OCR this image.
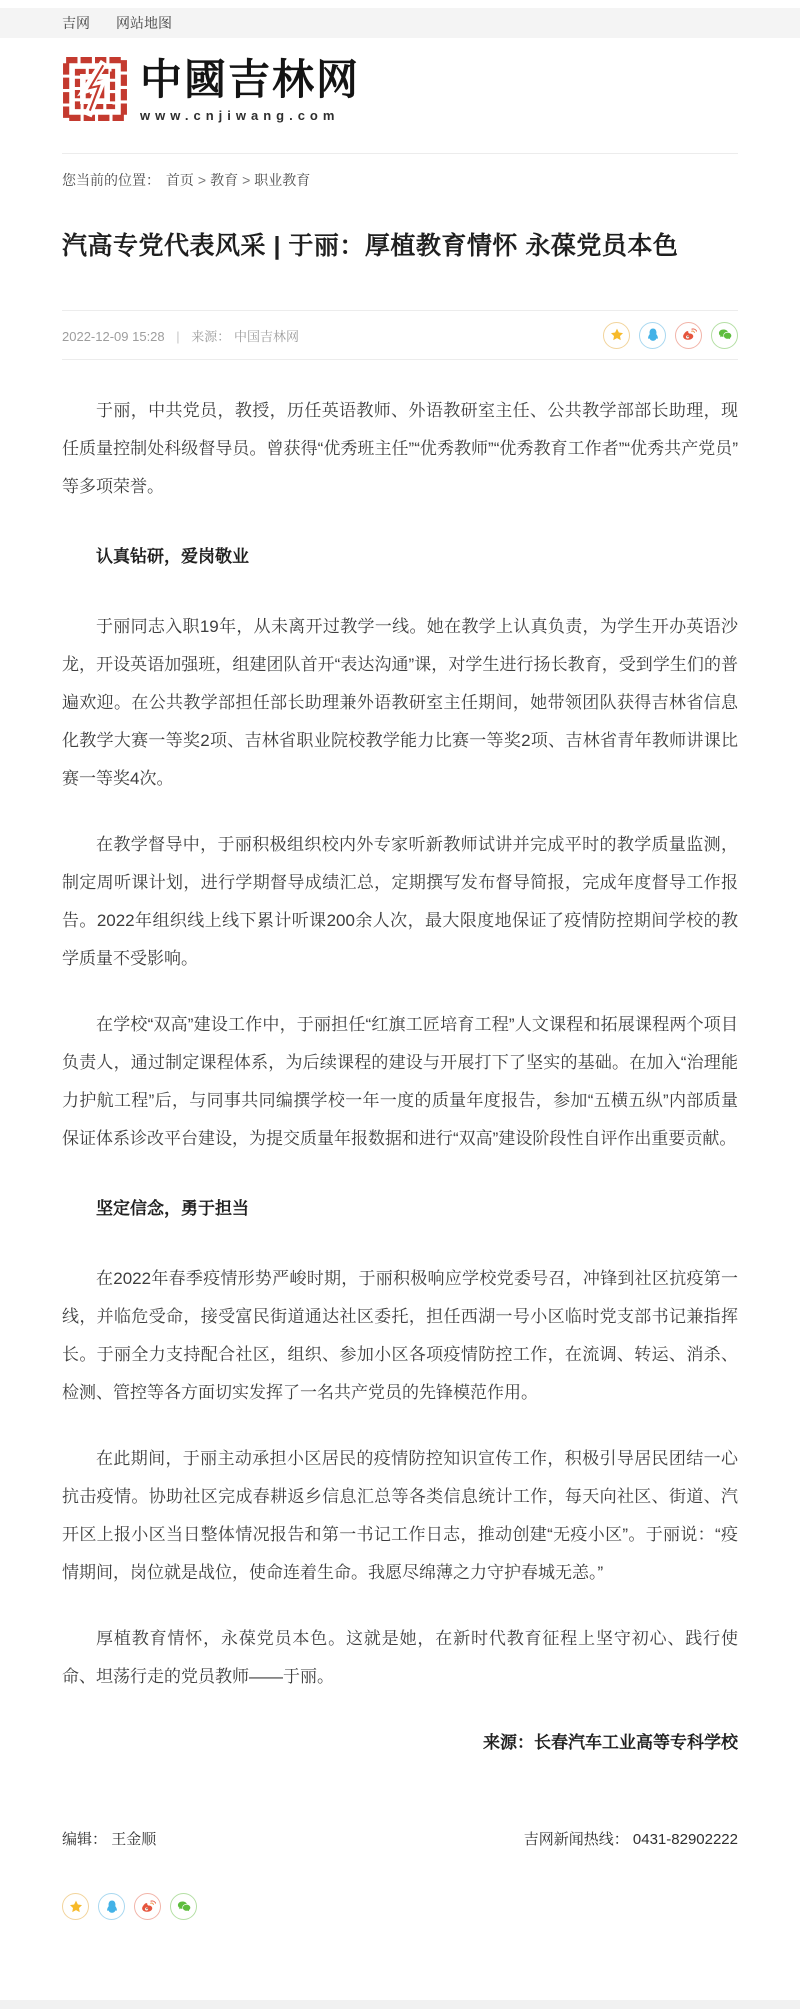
吉网 网站地图
中國吉林网
www.cnjiwang.com
您当前的位置： 首页 > 教育 > 职业教育
汽高专党代表风采 | 于丽：厚植教育情怀 永葆党员本色
2022-12-09 15:28 | 来源： 中国吉林网

于丽，中共党员，教授，历任英语教师、外语教研室主任、公共教学部部长助理，现任质量控制处科级督导员。曾获得“优秀班主任”“优秀教师”“优秀教育工作者”“优秀共产党员”等多项荣誉。

认真钻研，爱岗敬业

于丽同志入职19年，从未离开过教学一线。她在教学上认真负责，为学生开办英语沙龙，开设英语加强班，组建团队首开“表达沟通”课，对学生进行扬长教育，受到学生们的普遍欢迎。在公共教学部担任部长助理兼外语教研室主任期间，她带领团队获得吉林省信息化教学大赛一等奖2项、吉林省职业院校教学能力比赛一等奖2项、吉林省青年教师讲课比赛一等奖4次。

在教学督导中，于丽积极组织校内外专家听新教师试讲并完成平时的教学质量监测，制定周听课计划，进行学期督导成绩汇总，定期撰写发布督导简报，完成年度督导工作报告。2022年组织线上线下累计听课200余人次，最大限度地保证了疫情防控期间学校的教学质量不受影响。

在学校“双高”建设工作中，于丽担任“红旗工匠培育工程”人文课程和拓展课程两个项目负责人，通过制定课程体系，为后续课程的建设与开展打下了坚实的基础。在加入“治理能力护航工程”后，与同事共同编撰学校一年一度的质量年度报告，参加“五横五纵”内部质量保证体系诊改平台建设，为提交质量年报数据和进行“双高”建设阶段性自评作出重要贡献。

坚定信念，勇于担当

在2022年春季疫情形势严峻时期，于丽积极响应学校党委号召，冲锋到社区抗疫第一线，并临危受命，接受富民街道通达社区委托，担任西湖一号小区临时党支部书记兼指挥长。于丽全力支持配合社区，组织、参加小区各项疫情防控工作，在流调、转运、消杀、检测、管控等各方面切实发挥了一名共产党员的先锋模范作用。

在此期间，于丽主动承担小区居民的疫情防控知识宣传工作，积极引导居民团结一心抗击疫情。协助社区完成春耕返乡信息汇总等各类信息统计工作，每天向社区、街道、汽开区上报小区当日整体情况报告和第一书记工作日志，推动创建“无疫小区”。于丽说：“疫情期间，岗位就是战位，使命连着生命。我愿尽绵薄之力守护春城无恙。”

厚植教育情怀，永葆党员本色。这就是她，在新时代教育征程上坚守初心、践行使命、坦荡行走的党员教师——于丽。

来源：长春汽车工业高等专科学校

编辑： 王金顺	吉网新闻热线： 0431-82902222
